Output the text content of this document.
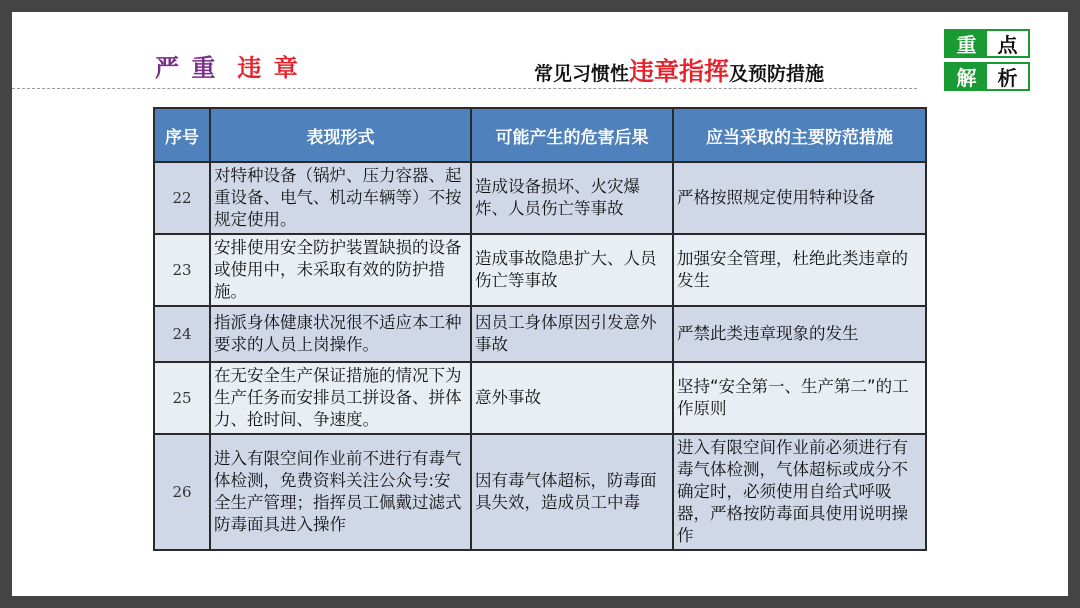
严 重 违 章	常见习惯性违章指挥及预防措施
重	点
解	析
序号	表现形式	可能产生的危害后果	应当采取的主要防范措施
22	对特种设备（锅炉、压力容器、起重设备、电气、机动车辆等）不按规定使用。	造成设备损坏、火灾爆炸、人员伤亡等事故	严格按照规定使用特种设备
23	安排使用安全防护装置缺损的设备或使用中，未采取有效的防护措施。	造成事故隐患扩大、人员伤亡等事故	加强安全管理，杜绝此类违章的发生
24	指派身体健康状况很不适应本工种要求的人员上岗操作。	因员工身体原因引发意外事故	严禁此类违章现象的发生
25	在无安全生产保证措施的情况下为生产任务而安排员工拼设备、拼体力、抢时间、争速度。	意外事故	坚持“安全第一、生产第二”的工作原则
26	进入有限空间作业前不进行有毒气体检测，免费资料关注公众号:安全生产管理；指挥员工佩戴过滤式防毒面具进入操作	因有毒气体超标，防毒面具失效，造成员工中毒	进入有限空间作业前必须进行有毒气体检测，气体超标或成分不确定时，必须使用自给式呼吸器，严格按防毒面具使用说明操作
